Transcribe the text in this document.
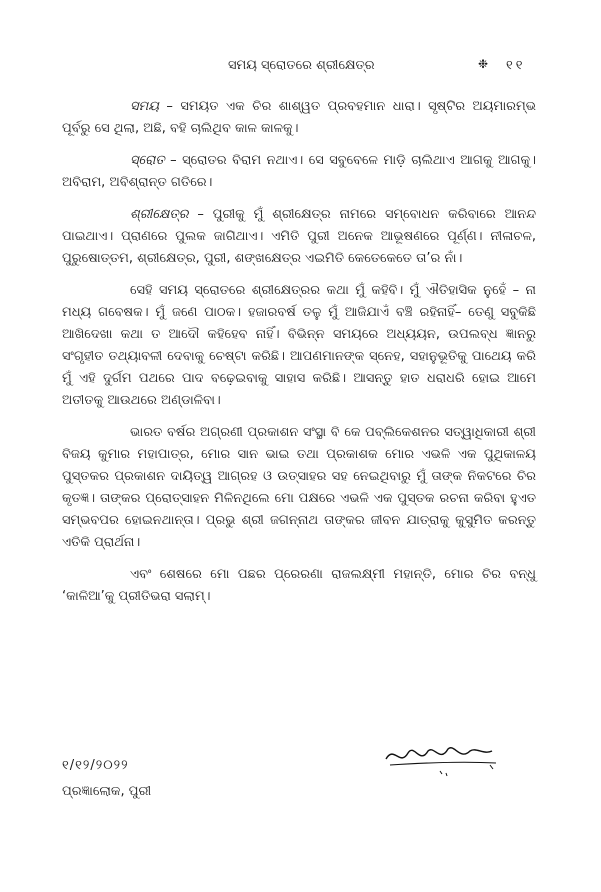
ସମୟ ସ୍ରୋତରେ ଶ୍ରୀକ୍ଷେତ୍ର	❉ ୧୧

ସମୟ – ସମୟତ ଏକ ଚିର ଶାଶ୍ୱତ ପ୍ରବହମାନ ଧାରା। ସୃଷ୍ଟିର ଅୟମାରମ୍ଭ ପୂର୍ବରୁ ସେ ଥିଲା, ଅଛି, ବହି ଚାଲିଥିବ କାଳ କାଳକୁ।

ସ୍ରୋତ – ସ୍ରୋତର ବିରାମ ନଥାଏ। ସେ ସବୁବେଳେ ମାଡ଼ି ଚାଲିଥାଏ ଆଗକୁ ଆଗକୁ। ଅବିରାମ, ଅବିଶ୍ରାନ୍ତ ଗତିରେ।

ଶ୍ରୀକ୍ଷେତ୍ର – ପୁରୀକୁ ମୁଁ ଶ୍ରୀକ୍ଷେତ୍ର ନାମରେ ସମ୍ବୋଧନ କରିବାରେ ଆନନ୍ଦ ପାଇଥାଏ। ପ୍ରାଣରେ ପୁଲକ ଜାଗିଥାଏ। ଏମିତି ପୁରୀ ଅନେକ ଆଭୂଷଣରେ ପୂର୍ଣ୍ଣ। ନୀଳାଚଳ, ପୁରୁଷୋତ୍ତମ, ଶ୍ରୀକ୍ଷେତ୍ର, ପୁରୀ, ଶଙ୍ଖକ୍ଷେତ୍ର ଏଇମିତି କେତେକେତେ ତା’ର ନାଁ।

ସେହି ସମୟ ସ୍ରୋତରେ ଶ୍ରୀକ୍ଷେତ୍ରର କଥା ମୁଁ କହିବି। ମୁଁ ଐତିହାସିକ ନୁହେଁ – ନା ମଧ୍ୟ ଗବେଷକ। ମୁଁ ଜଣେ ପାଠକ। ହଜାରବର୍ଷ ତଳୁ ମୁଁ ଆଜିଯାଏଁ ବଞ୍ଚି ରହିନାହିଁ– ତେଣୁ ସବୁକିଛି ଆଖିଦେଖା କଥା ତ ଆଦୌ କହିହେବ ନାହିଁ। ବିଭିନ୍ନ ସମୟରେ ଅଧ୍ୟୟନ, ଉପଲବ୍ଧ ଜ୍ଞାନରୁ ସଂଗୃହୀତ ତଥ୍ୟାବଳୀ ଦେବାକୁ ଚେଷ୍ଟା କରିଛି। ଆପଣମାନଙ୍କ ସ୍ନେହ, ସହାନୁଭୂତିକୁ ପାଥେୟ କରି ମୁଁ ଏହି ଦୁର୍ଗମ ପଥରେ ପାଦ ବଢ଼େଇବାକୁ ସାହାସ କରିଛି। ଆସନ୍ତୁ ହାତ ଧରାଧରି ହୋଇ ଆମେ ଅତୀତକୁ ଆଉଥରେ ଅଣ୍ଡାଳିବା।

ଭାରତ ବର୍ଷର ଅଗ୍ରଣୀ ପ୍ରକାଶନ ସଂସ୍ଥା ବି କେ ପବ୍ଲିକେଶନର ସତ୍ୱାଧିକାରୀ ଶ୍ରୀ ବିଜୟ କୁମାର ମହାପାତ୍ର, ମୋର ସାନ ଭାଇ ତଥା ପ୍ରକାଶକ ମୋର ଏଭଳି ଏକ ପୁଥିକାଳୟ ପୁସ୍ତକର ପ୍ରକାଶନ ଦାୟିତ୍ୱ ଆଗ୍ରହ ଓ ଉତ୍ସାହର ସହ ନେଇଥିବାରୁ ମୁଁ ତାଙ୍କ ନିକଟରେ ଚିର କୃତଜ୍ଞ। ତାଙ୍କର ପ୍ରୋତ୍ସାହନ ମିଳିନଥିଲେ ମୋ ପକ୍ଷରେ ଏଭଳି ଏକ ପୁସ୍ତକ ରଚନା କରିବା ହୁଏତ ସମ୍ଭବପର ହୋଇନଥାନ୍ତା। ପ୍ରଭୁ ଶ୍ରୀ ଜଗନ୍ନାଥ ତାଙ୍କର ଜୀବନ ଯାତ୍ରାକୁ କୁସୁମିତ କରନ୍ତୁ ଏତିକି ପ୍ରାର୍ଥନା।

ଏବଂ ଶେଷରେ ମୋ ପଛର ପ୍ରେରଣା ରାଜଲକ୍ଷ୍ମୀ ମହାନ୍ତି, ମୋର ଚିର ବନ୍ଧୁ ‘କାଳିଆ’କୁ ପ୍ରୀତିଭରା ସଲାମ୍।

୧/୧୨/୨୦୨୨
ପ୍ରଜ୍ଞାଲୋକ, ପୁରୀ
